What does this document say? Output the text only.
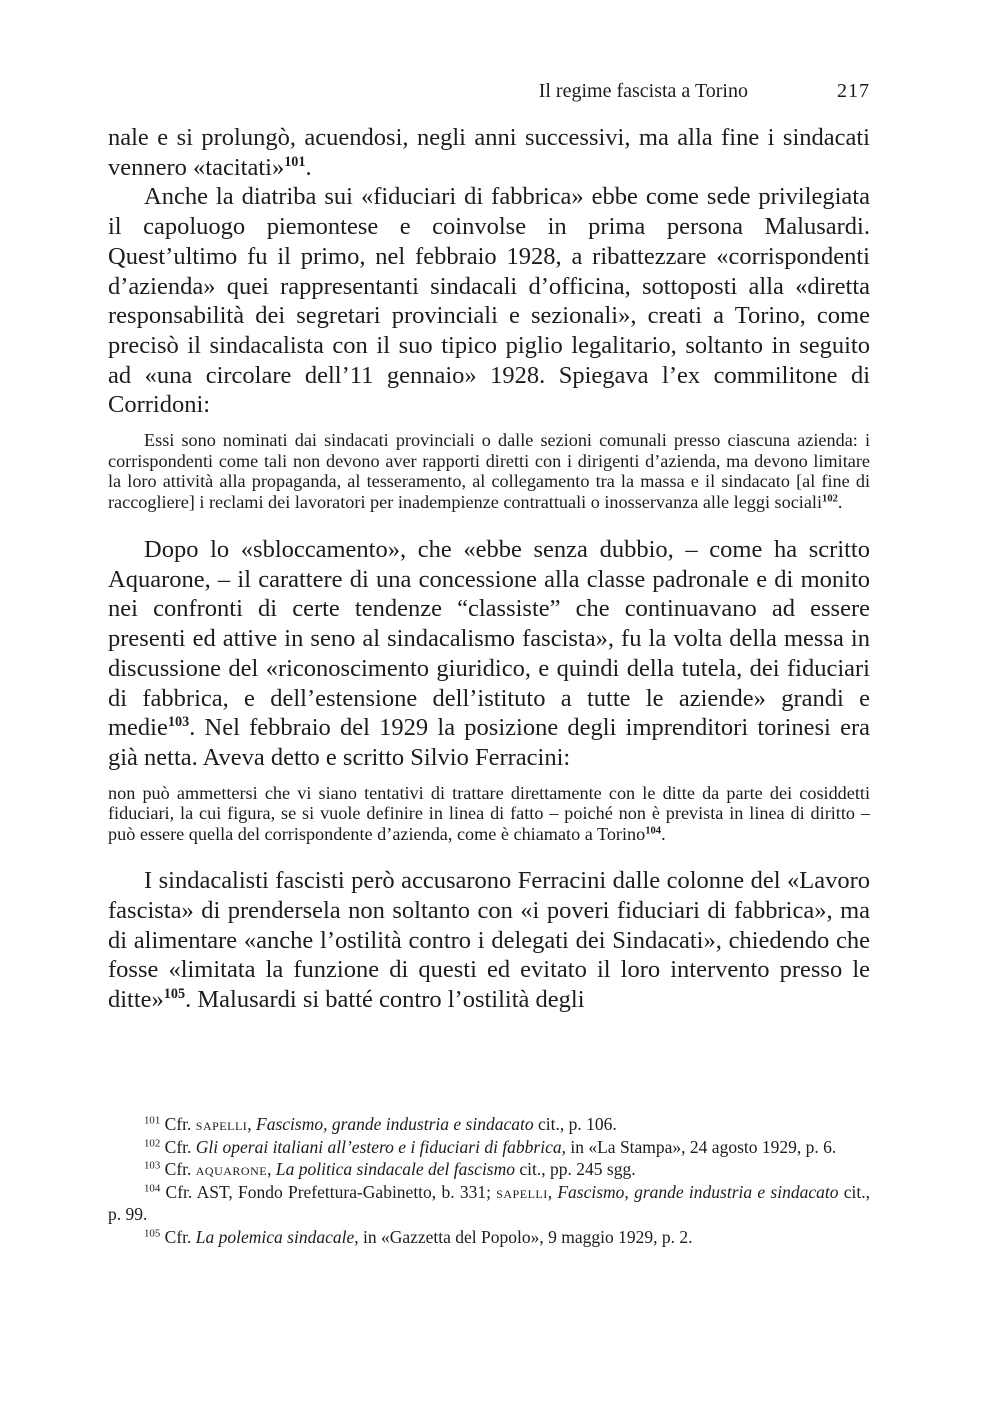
Il regime fascista a Torino	217

nale e si prolungò, acuendosi, negli anni successivi, ma alla fine i sindacati vennero «tacitati»$^{101}$.

Anche la diatriba sui «fiduciari di fabbrica» ebbe come sede privilegiata il capoluogo piemontese e coinvolse in prima persona Malusardi. Quest’ultimo fu il primo, nel febbraio 1928, a ribattezzare «corrispondenti d’azienda» quei rappresentanti sindacali d’officina, sottoposti alla «diretta responsabilità dei segretari provinciali e sezionali», creati a Torino, come precisò il sindacalista con il suo tipico piglio legalitario, soltanto in seguito ad «una circolare dell’11 gennaio» 1928. Spiegava l’ex commilitone di Corridoni:

Essi sono nominati dai sindacati provinciali o dalle sezioni comunali presso ciascuna azienda: i corrispondenti come tali non devono aver rapporti diretti con i dirigenti d’azienda, ma devono limitare la loro attività alla propaganda, al tesseramento, al collegamento tra la massa e il sindacato [al fine di raccogliere] i reclami dei lavoratori per inadempienze contrattuali o inosservanza alle leggi sociali$^{102}$.

Dopo lo «sbloccamento», che «ebbe senza dubbio, – come ha scritto Aquarone, – il carattere di una concessione alla classe padronale e di monito nei confronti di certe tendenze “classiste” che continuavano ad essere presenti ed attive in seno al sindacalismo fascista», fu la volta della messa in discussione del «riconoscimento giuridico, e quindi della tutela, dei fiduciari di fabbrica, e dell’estensione dell’istituto a tutte le aziende» grandi e medie$^{103}$. Nel febbraio del 1929 la posizione degli imprenditori torinesi era già netta. Aveva detto e scritto Silvio Ferracini:

non può ammettersi che vi siano tentativi di trattare direttamente con le ditte da parte dei cosiddetti fiduciari, la cui figura, se si vuole definire in linea di fatto – poiché non è prevista in linea di diritto – può essere quella del corrispondente d’azienda, come è chiamato a Torino$^{104}$.

I sindacalisti fascisti però accusarono Ferracini dalle colonne del «Lavoro fascista» di prendersela non soltanto con «i poveri fiduciari di fabbrica», ma di alimentare «anche l’ostilità contro i delegati dei Sindacati», chiedendo che fosse «limitata la funzione di questi ed evitato il loro intervento presso le ditte»$^{105}$. Malusardi si batté contro l’ostilità degli

$^{101}$ Cfr. sapelli, Fascismo, grande industria e sindacato cit., p. 106.

$^{102}$ Cfr. Gli operai italiani all’estero e i fiduciari di fabbrica, in «La Stampa», 24 agosto 1929, p. 6.

$^{103}$ Cfr. aquarone, La politica sindacale del fascismo cit., pp. 245 sgg.

$^{104}$ Cfr. AST, Fondo Prefettura-Gabinetto, b. 331; sapelli, Fascismo, grande industria e sindacato cit., p. 99.

$^{105}$ Cfr. La polemica sindacale, in «Gazzetta del Popolo», 9 maggio 1929, p. 2.
